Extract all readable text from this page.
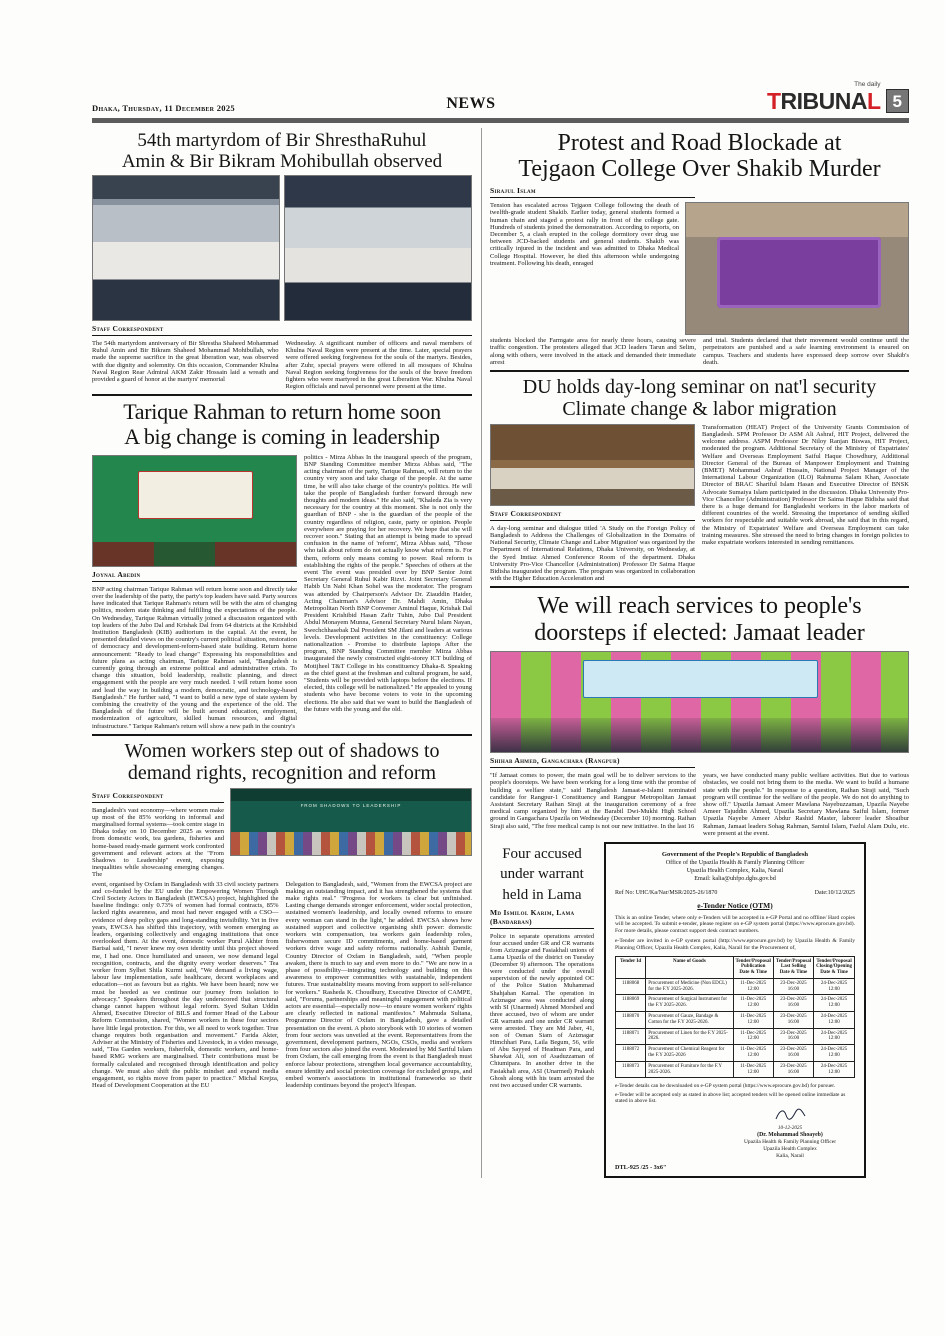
Dhaka, Thursday, 11 December 2025	NEWS
The daily
TRIBUNAL 5
54th martyrdom of Bir ShresthaRuhul
Amin & Bir Bikram Mohibullah observed
Staff Correspondent

The 54th martyrdom anniversary of Bir Shrestha Shaheed Mohammad Ruhul Amin and Bir Bikram Shaheed Mohammad Mohibullah, who made the supreme sacrifice in the great liberation war, was observed with due dignity and solemnity. On this occasion, Commander Khulna Naval Region Rear Admiral AKM Zakir Hossain laid a wreath and provided a guard of honor at the martyrs' memorial

Wednesday. A significant number of officers and naval members of Khulna Naval Region were present at the time. Later, special prayers were offered seeking forgiveness for the souls of the martyrs. Besides, after Zuhr, special prayers were offered in all mosques of Khulna Naval Region seeking forgiveness for the souls of the brave freedom fighters who were martyred in the great Liberation War. Khulna Naval Region officials and naval personnel were present at the time.

Tarique Rahman to return home soon
A big change is coming in leadership
Joynal Abedin

BNP acting chairman Tarique Rahman will return home soon and directly take over the leadership of the party, the party's top leaders have said. Party sources have indicated that Tarique Rahman's return will be with the aim of changing politics, modern state thinking and fulfilling the expectations of the people. On Wednesday, Tarique Rahman virtually joined a discussion organized with top leaders of the Jubo Dal and Krishak Dal from 64 districts at the Krishibid Institution Bangladesh (KIB) auditorium in the capital. At the event, he presented detailed views on the country's current political situation, restoration of democracy and development-reform-based state building. Return home announcement: "Ready to lead change" Expressing his responsibilities and future plans as acting chairman, Tarique Rahman said, "Bangladesh is currently going through an extreme political and administrative crisis. To change this situation, bold leadership, realistic planning, and direct engagement with the people are very much needed. I will return home soon and lead the way in building a modern, democratic, and technology-based Bangladesh." He further said, "I want to build a new type of state system by combining the creativity of the young and the experience of the old. The Bangladesh of the future will be built around education, employment, modernization of agriculture, skilled human resources, and digital infrastructure." Tarique Rahman's return will show a new path in the country's

politics - Mirza Abbas In the inaugural speech of the program, BNP Standing Committee member Mirza Abbas said, "The acting chairman of the party, Tarique Rahman, will return to the country very soon and take charge of the people. At the same time, he will also take charge of the country's politics. He will take the people of Bangladesh further forward through new thoughts and modern ideas." He also said, "Khaleda Zia is very necessary for the country at this moment. She is not only the guardian of BNP - she is the guardian of the people of the country regardless of religion, caste, party or opinion. People everywhere are praying for her recovery. We hope that she will recover soon." Stating that an attempt is being made to spread confusion in the name of 'reform', Mirza Abbas said, "Those who talk about reform do not actually know what reform is. For them, reform only means coming to power. Real reform is establishing the rights of the people." Speeches of others at the event The event was presided over by BNP Senior Joint Secretary General Ruhul Kabir Rizvi. Joint Secretary General Habib Un Nabi Khan Sohel was the moderator. The program was attended by Chairperson's Advisor Dr. Ziauddin Haider, Acting Chairman's Advisor Dr. Mahdi Amin, Dhaka Metropolitan North BNP Convener Aminul Haque, Krishak Dal President Krishibid Hasan Zafir Tuhin, Jubo Dal President Abdul Monayem Munna, General Secretary Nurul Islam Nayan, Swechchhasebak Dal President SM Jilani and leaders at various levels. Development activities in the constituency: College nationalization - Promise to distribute laptops After the program, BNP Standing Committee member Mirza Abbas inaugurated the newly constructed eight-storey ICT building of Motijheel T&T College in his constituency Dhaka-8. Speaking as the chief guest at the freshman and cultural program, he said, "Students will be provided with laptops before the elections. If elected, this college will be nationalized." He appealed to young students who have become voters to vote in the upcoming elections. He also said that we want to build the Bangladesh of the future with the young and the old.

Women workers step out of shadows to
demand rights, recognition and reform
Staff Correspondent

Bangladesh's vast economy—where women make up most of the 85% working in informal and marginalised formal systems—took centre stage in Dhaka today on 10 December 2025 as women from domestic work, tea gardens, fisheries and home-based ready-made garment work confronted government and relevant actors at the "From Shadows to Leadership" event, exposing inequalities while showcasing emerging changes. The

FROM SHADOWS TO LEADERSHIP

event, organised by Oxfam in Bangladesh with 33 civil society partners and co-funded by the EU under the Empowering Women Through Civil Society Actors in Bangladesh (EWCSA) project, highlighted the baseline findings: only 0.73% of women had formal contracts, 85% lacked rights awareness, and most had never engaged with a CSO—evidence of deep policy gaps and long-standing invisibility. Yet in five years, EWCSA has shifted this trajectory, with women emerging as leaders, organising collectively and engaging institutions that once overlooked them. At the event, domestic worker Purul Akhter from Barisal said, "I never knew my own identity until this project showed me, I had one. Once humiliated and unseen, we now demand legal recognition, contracts, and the dignity every worker deserves." Tea worker from Sylhet Shila Kurmi said, "We demand a living wage, labour law implementation, safe healthcare, decent workplaces and education—not as favours but as rights. We have been heard; now we must be heeded as we continue our journey from isolation to advocacy." Speakers throughout the day underscored that structural change cannot happen without legal reform. Syed Sultan Uddin Ahmed, Executive Director of BILS and former Head of the Labour Reform Commission, shared, "Women workers in these four sectors have little legal protection. For this, we all need to work together. True change requires both organisation and movement." Farida Akter, Adviser at the Ministry of Fisheries and Livestock, in a video message, said, "Tea Garden workers, fisherfolk, domestic workers, and home-based RMG workers are marginalised. Their contributions must be formally calculated and recognised through identification and policy change. We must also shift the public mindset and expand media engagement, so rights move from paper to practice." Michal Krejza, Head of Development Cooperation at the EU

Delegation to Bangladesh, said, "Women from the EWCSA project are making an outstanding impact, and it has strengthened the systems that make rights real." "Progress for workers is clear but unfinished. Lasting change demands stronger enforcement, wider social protection, sustained women's leadership, and locally owned reforms to ensure every woman can stand in the light," he added. EWCSA shows how sustained support and collective organising shift power: domestic workers win compensation, tea workers gain leadership roles, fisherwomen secure ID commitments, and home-based garment workers drive wage and safety reforms nationally. Ashish Damle, Country Director of Oxfam in Bangladesh, said, "When people awaken, there is much to say and even more to do." "We are now in a phase of possibility—integrating technology and building on this awareness to empower communities with sustainable, independent futures. True sustainability means moving from support to self-reliance for workers." Rasheda K. Choudhury, Executive Director of CAMPE, said, "Forums, partnerships and meaningful engagement with political actors are essential—especially now—to ensure women workers' rights are clearly reflected in national manifestos." Mahmuda Sultana, Programme Director of Oxfam in Bangladesh, gave a detailed presentation on the event. A photo storybook with 10 stories of women from four sectors was unveiled at the event. Representatives from the government, development partners, NGOs, CSOs, media and workers from four sectors also joined the event. Moderated by Md Sariful Islam from Oxfam, the call emerging from the event is that Bangladesh must enforce labour protections, strengthen local governance accountability, ensure identity and social protection coverage for excluded groups, and embed women's associations in institutional frameworks so their leadership continues beyond the project's lifespan.

Protest and Road Blockade at
Tejgaon College Over Shakib Murder
Sirajul Islam

Tension has escalated across Tejgaon College following the death of twelfth-grade student Shakib. Earlier today, general students formed a human chain and staged a protest rally in front of the college gate. Hundreds of students joined the demonstration. According to reports, on December 5, a clash erupted in the college dormitory over drug use between JCD-backed students and general students. Shakib was critically injured in the incident and was admitted to Dhaka Medical College Hospital. However, he died this afternoon while undergoing treatment. Following his death, enraged

students blocked the Farmgate area for nearly three hours, causing severe traffic congestion. The protesters alleged that JCD leaders Tarun and Selim, along with others, were involved in the attack and demanded their immediate arrest

and trial. Students declared that their movement would continue until the perpetrators are punished and a safe learning environment is ensured on campus. Teachers and students have expressed deep sorrow over Shakib's death.

DU holds day-long seminar on nat'l security
Climate change & labor migration
Staff Correspondent

A day-long seminar and dialogue titled 'A Study on the Foreign Policy of Bangladesh to Address the Challenges of Globalization in the Domains of National Security, Climate Change and Labor Migration' was organized by the Department of International Relations, Dhaka University, on Wednesday, at the Syed Imtiaz Ahmed Conference Room of the department. Dhaka University Pro-Vice Chancellor (Administration) Professor Dr Saima Haque Bidisha inaugurated the program. The program was organized in collaboration with the Higher Education Acceleration and

Transformation (HEAT) Project of the University Grants Commission of Bangladesh. SPM Professor Dr ASM Ali Ashraf, HIT Project, delivered the welcome address. ASPM Professor Dr Niloy Ranjan Biswas, HIT Project, moderated the program. Additional Secretary of the Ministry of Expatriates' Welfare and Overseas Employment Saiful Haque Chowdhury, Additional Director General of the Bureau of Manpower Employment and Training (BMET) Mohammad Ashraf Hussain, National Project Manager of the International Labour Organization (ILO) Rahnuma Salam Khan, Associate Director of BRAC Shariful Islam Hasan and Executive Director of BNSK Advocate Sumaiya Islam participated in the discussion. Dhaka University Pro-Vice Chancellor (Administration) Professor Dr Saima Haque Bidisha said that there is a huge demand for Bangladeshi workers in the labor markets of different countries of the world. Stressing the importance of sending skilled workers for respectable and suitable work abroad, she said that in this regard, the Ministry of Expatriates' Welfare and Overseas Employment can take training measures. She stressed the need to bring changes in foreign policies to make expatriate workers interested in sending remittances.

We will reach services to people's
doorsteps if elected: Jamaat leader
Shihab Ahmed, Gangachara (Rangpur)

"If Jamaat comes to power, the main goal will be to deliver services to the people's doorsteps. We have been working for a long time with the promise of building a welfare state," said Bangladesh Jamaat-e-Islami nominated candidate for Rangpur-1 Constituency and Rangpur Metropolitan Jamaat Assistant Secretary Raihan Siraji at the inauguration ceremony of a free medical camp organized by him at the Barabil Dwi-Mukhi High School ground in Gangachara Upazila on Wednesday (December 10) morning. Raihan Siraji also said, "The free medical camp is not our new initiative. In the last 16

years, we have conducted many public welfare activities. But due to various obstacles, we could not bring them to the media. We want to build a humane state with the people." In response to a question, Raihan Siraji said, "Such program will continue for the welfare of the people. We do not do anything to show off." Upazila Jamaat Ameer Mawlana Nayebuzzaman, Upazila Nayebe Ameer Tajuddin Ahmed, Upazila Secretary Mawlana Saiful Islam, former Upazila Nayebe Ameer Abdur Rashid Master, laborer leader Shoaibur Rahman, Jamaat leaders Sohag Rahman, Samiul Islam, Fazlul Alam Dulu, etc. were present at the event.

Four accused
under warrant
held in Lama
Md Ismilol Karim, Lama (Bandarban)

Police in separate operations arrested four accused under GR and CR warrants from Aziznagar and Fasiakhali unions of Lama Upazila of the district on Tuesday (December 9) afternoon. The operations were conducted under the overall supervision of the newly appointed OC of the Police Station Muhammad Shahjahan Kamal. The operation in Aziznagar area was conducted along with SI (Unarmed) Ahmed Morshed and three accused, two of whom are under GR warrants and one under CR warrant were arrested. They are Md Jaber, 41, son of Osman Siam of Aziznagar Himchhari Para, Laila Begum, 56, wife of Abu Sayyed of Headman Para, and Shawkat Ali, son of Asaduzzaman of Chiumipara. In another drive in the Fasiakhali area, ASI (Unarmed) Prakash Ghosh along with his team arrested the rest two accused under CR warrants.

Government of the People's Republic of Bangladesh
Office of the Upazila Health & Family Planning Officer
Upazila Health Complex, Kalia, Narail
Email: kalia@uhfpo.dghs.gov.bd
Ref No: UHC/Ka/Nar/MSR/2025-26/1870	Date:10/12/2025
e-Tender Notice (OTM)

This is an online Tender, where only e-Tenders will be accepted in e-GP Portal and no offline/ Hard copies will be accepted. To submit e-tender, please register on e-GP system portal (https://www.eprocure.gov.bd). For more details, please contract support desk contract numbers.

e-Tender are invited in e-GP system portal (http://www.eprocure.gov.bd) by Upazila Health & Family Planning Officer, Upazila Health Complex, Kalia, Narail for the Procurement of,

Tender Id	Name of Goods	Tender/Proposal Publication Date & Time	Tender/Proposal Last Selling Date & Time	Tender/Proposal Closing/Opening Date & Time
1188068	Procurement of Medicine (Non EDCL) for the F.Y 2025-2026.	11-Dec-2025 12:00	23-Dec-2025 16:00	24-Dec-2025 12:00
1188069	Procurement of Surgical Instrument for the F.Y 2025-2026.	11-Dec-2025 12:00	23-Dec-2025 16:00	24-Dec-2025 12:00
1188070	Procurement of Gauze, Bandage & Cotton for the F.Y 2025-2026.	11-Dec-2025 12:00	23-Dec-2025 16:00	24-Dec-2025 12:00
1188071	Procurement of Linen for the F.Y 2025-2026.	11-Dec-2025 12:00	23-Dec-2025 16:00	24-Dec-2025 12:00
1188072	Procurement of Chemical Reagent for the F.Y 2025-2026	11-Dec-2025 12:00	23-Dec-2025 16:00	24-Dec-2025 12:00
1188073	Procurement of Furniture for the F.Y 2025-2026.	11-Dec-2025 12:00	23-Dec-2025 16:00	24-Dec-2025 12:00

e-Tender details can be downloaded on e-GP system portal (https://www.eprocure.gov.bd) for pursuer.

e-Tender will be accepted only as stated in above list; accepted tenders will be opened online immediate as stated in above list.

10-12-2025
(Dr. Mohammad Shoayeb)
Upazila Health & Family Planning Officer
Upazila Health Complex
Kalia, Narail
DTL-925 /25 - 3x6"
